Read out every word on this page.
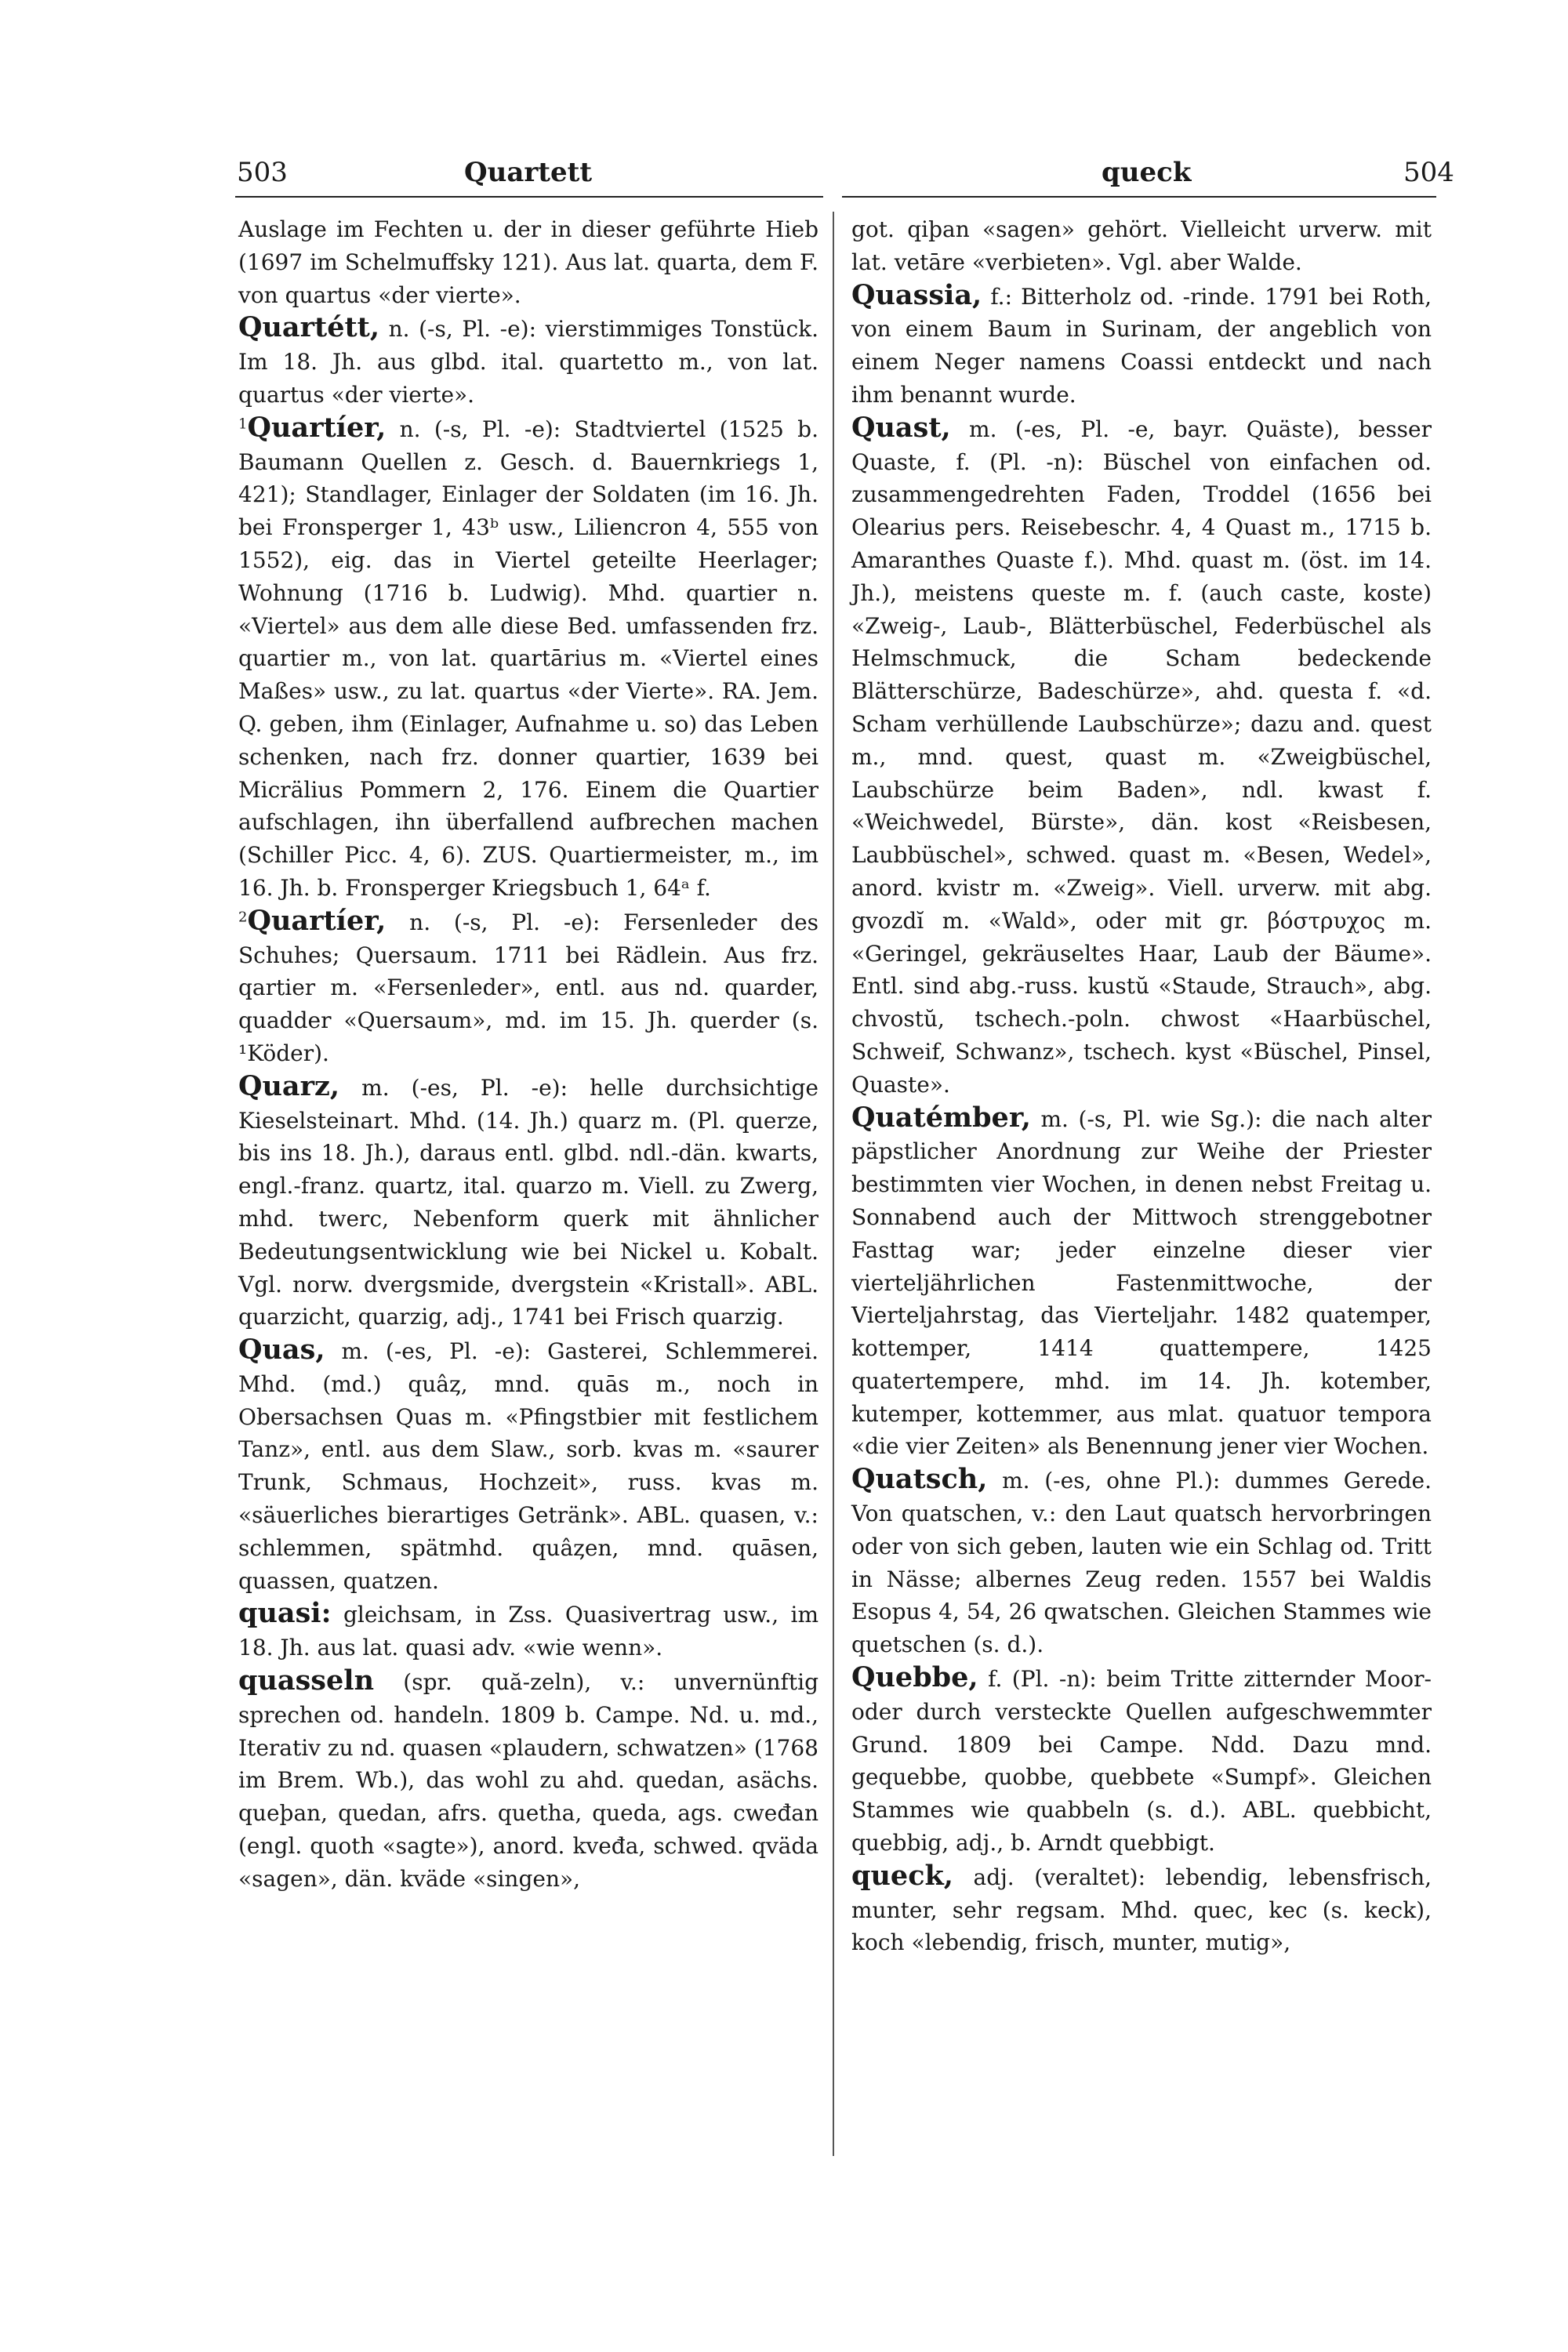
503	Quartett	queck	504

Auslage im Fechten u. der in dieser geführte Hieb (1697 im Schelmuffsky 121). Aus lat. quarta, dem F. von quartus «der vierte».

Quartétt, n. (-s, Pl. -e): vierstimmiges Tonstück. Im 18. Jh. aus glbd. ital. quartetto m., von lat. quartus «der vierte».

$^1$Quartíer, n. (-s, Pl. -e): Stadtviertel (1525 b. Baumann Quellen z. Gesch. d. Bauernkriegs 1, 421); Standlager, Einlager der Soldaten (im 16. Jh. bei Fronsperger 1, 43ᵇ usw., Liliencron 4, 555 von 1552), eig. das in Viertel geteilte Heerlager; Wohnung (1716 b. Ludwig). Mhd. quartier n. «Viertel» aus dem alle diese Bed. umfassenden frz. quartier m., von lat. quartārius m. «Viertel eines Maßes» usw., zu lat. quartus «der Vierte». RA. Jem. Q. geben, ihm (Einlager, Aufnahme u. so) das Leben schenken, nach frz. donner quartier, 1639 bei Micrälius Pommern 2, 176. Einem die Quartier aufschlagen, ihn überfallend aufbrechen machen (Schiller Picc. 4, 6). ZUS. Quartiermeister, m., im 16. Jh. b. Fronsperger Kriegsbuch 1, 64ᵃ f.

$^2$Quartíer, n. (-s, Pl. -e): Fersenleder des Schuhes; Quersaum. 1711 bei Rädlein. Aus frz. qartier m. «Fersenleder», entl. aus nd. quarder, quadder «Quersaum», md. im 15. Jh. querder (s. ¹Köder).

Quarz, m. (-es, Pl. -e): helle durchsichtige Kieselsteinart. Mhd. (14. Jh.) quarz m. (Pl. querze, bis ins 18. Jh.), daraus entl. glbd. ndl.-dän. kwarts, engl.-franz. quartz, ital. quarzo m. Viell. zu Zwerg, mhd. twerc, Nebenform querk mit ähnlicher Bedeutungsentwicklung wie bei Nickel u. Kobalt. Vgl. norw. dvergsmide, dvergstein «Kristall». ABL. quarzicht, quarzig, adj., 1741 bei Frisch quarzig.

Quas, m. (-es, Pl. -e): Gasterei, Schlemmerei. Mhd. (md.) quâȥ, mnd. quās m., noch in Obersachsen Quas m. «Pfingstbier mit festlichem Tanz», entl. aus dem Slaw., sorb. kvas m. «saurer Trunk, Schmaus, Hochzeit», russ. kvas m. «säuerliches bierartiges Getränk». ABL. quasen, v.: schlemmen, spätmhd. quâȥen, mnd. quāsen, quassen, quatzen.

quasi: gleichsam, in Zss. Quasivertrag usw., im 18. Jh. aus lat. quasi adv. «wie wenn».

quasseln (spr. quă-zeln), v.: unvernünftig sprechen od. handeln. 1809 b. Campe. Nd. u. md., Iterativ zu nd. quasen «plaudern, schwatzen» (1768 im Brem. Wb.), das wohl zu ahd. quedan, asächs. queþan, quedan, afrs. quetha, queda, ags. cweđan (engl. quoth «sagte»), anord. kveđa, schwed. qväda «sagen», dän. kväde «singen»,

got. qiþan «sagen» gehört. Vielleicht urverw. mit lat. vetāre «verbieten». Vgl. aber Walde.

Quassia, f.: Bitterholz od. -rinde. 1791 bei Roth, von einem Baum in Surinam, der angeblich von einem Neger namens Coassi entdeckt und nach ihm benannt wurde.

Quast, m. (-es, Pl. -e, bayr. Quäste), besser Quaste, f. (Pl. -n): Büschel von einfachen od. zusammengedrehten Faden, Troddel (1656 bei Olearius pers. Reisebeschr. 4, 4 Quast m., 1715 b. Amaranthes Quaste f.). Mhd. quast m. (öst. im 14. Jh.), meistens queste m. f. (auch caste, koste) «Zweig-, Laub-, Blätterbüschel, Federbüschel als Helmschmuck, die Scham bedeckende Blätterschürze, Badeschürze», ahd. questa f. «d. Scham verhüllende Laubschürze»; dazu and. quest m., mnd. quest, quast m. «Zweigbüschel, Laubschürze beim Baden», ndl. kwast f. «Weichwedel, Bürste», dän. kost «Reisbesen, Laubbüschel», schwed. quast m. «Besen, Wedel», anord. kvistr m. «Zweig». Viell. urverw. mit abg. gvozdĭ m. «Wald», oder mit gr. βόστρυχος m. «Geringel, gekräuseltes Haar, Laub der Bäume». Entl. sind abg.-russ. kustŭ «Staude, Strauch», abg. chvostŭ, tschech.-poln. chwost «Haarbüschel, Schweif, Schwanz», tschech. kyst «Büschel, Pinsel, Quaste».

Quatémber, m. (-s, Pl. wie Sg.): die nach alter päpstlicher Anordnung zur Weihe der Priester bestimmten vier Wochen, in denen nebst Freitag u. Sonnabend auch der Mittwoch strenggebotner Fasttag war; jeder einzelne dieser vier vierteljährlichen Fastenmittwoche, der Vierteljahrstag, das Vierteljahr. 1482 quatemper, kottemper, 1414 quattempere, 1425 quatertempere, mhd. im 14. Jh. kotember, kutemper, kottemmer, aus mlat. quatuor tempora «die vier Zeiten» als Benennung jener vier Wochen.

Quatsch, m. (-es, ohne Pl.): dummes Gerede. Von quatschen, v.: den Laut quatsch hervorbringen oder von sich geben, lauten wie ein Schlag od. Tritt in Nässe; albernes Zeug reden. 1557 bei Waldis Esopus 4, 54, 26 qwatschen. Gleichen Stammes wie quetschen (s. d.).

Quebbe, f. (Pl. -n): beim Tritte zitternder Moor- oder durch versteckte Quellen aufgeschwemmter Grund. 1809 bei Campe. Ndd. Dazu mnd. gequebbe, quobbe, quebbete «Sumpf». Gleichen Stammes wie quabbeln (s. d.). ABL. quebbicht, quebbig, adj., b. Arndt quebbigt.

queck, adj. (veraltet): lebendig, lebensfrisch, munter, sehr regsam. Mhd. quec, kec (s. keck), koch «lebendig, frisch, munter, mutig»,
